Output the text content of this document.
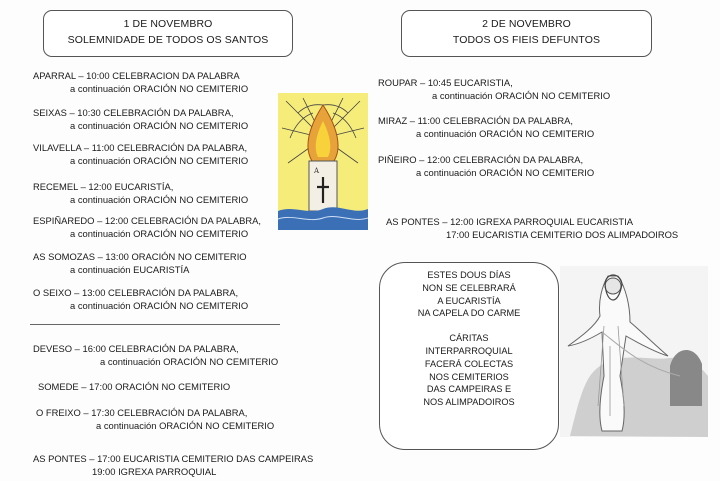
1 DE NOVEMBRO
SOLEMNIDADE DE TODOS OS SANTOS
2 DE NOVEMBRO
TODOS OS FIEIS DEFUNTOS
APARRAL – 10:00 CELEBRACION DA PALABRA
a continuación ORACIÓN NO CEMITERIO
SEIXAS – 10:30 CELEBRACIÓN DA PALABRA,
a continuación ORACIÓN NO CEMITERIO
VILAVELLA – 11:00 CELEBRACIÓN DA PALABRA,
a continuación ORACIÓN NO CEMITERIO
RECEMEL – 12:00 EUCARISTÍA,
a continuación ORACIÓN NO CEMITERIO
ESPIÑAREDO – 12:00 CELEBRACIÓN DA PALABRA,
a continuación ORACIÓN NO CEMITERIO
AS SOMOZAS – 13:00 ORACIÓN NO CEMITERIO
a continuación EUCARISTÍA
O SEIXO – 13:00 CELEBRACIÓN DA PALABRA,
a continuación ORACIÓN NO CEMITERIO
DEVESO – 16:00 CELEBRACIÓN DA PALABRA,
a continuación ORACIÓN NO CEMITERIO
SOMEDE – 17:00 ORACIÓN NO CEMITERIO
O FREIXO – 17:30 CELEBRACIÓN DA PALABRA,
a continuación ORACIÓN NO CEMITERIO
AS PONTES – 17:00 EUCARISTIA CEMITERIO DAS CAMPEIRAS
19:00 IGREXA PARROQUIAL
ROUPAR – 10:45 EUCARISTIA,
a continuación ORACIÓN NO CEMITERIO
MIRAZ – 11:00 CELEBRACIÓN DA PALABRA,
a continuación ORACIÓN NO CEMITERIO
PIÑEIRO – 12:00 CELEBRACIÓN DA PALABRA,
a continuación ORACIÓN NO CEMITERIO
AS PONTES – 12:00 IGREXA PARROQUIAL EUCARISTIA
17:00 EUCARISTIA CEMITERIO DOS ALIMPADOIROS
ESTES DOUS DÍAS
NON SE CELEBRARÁ
A EUCARISTÍA
NA CAPELA DO CARME
CÁRITAS
INTERPARROQUIAL
FACERÁ COLECTAS
NOS CEMITERIOS
DAS CAMPEIRAS E
NOS ALIMPADOIROS
A
